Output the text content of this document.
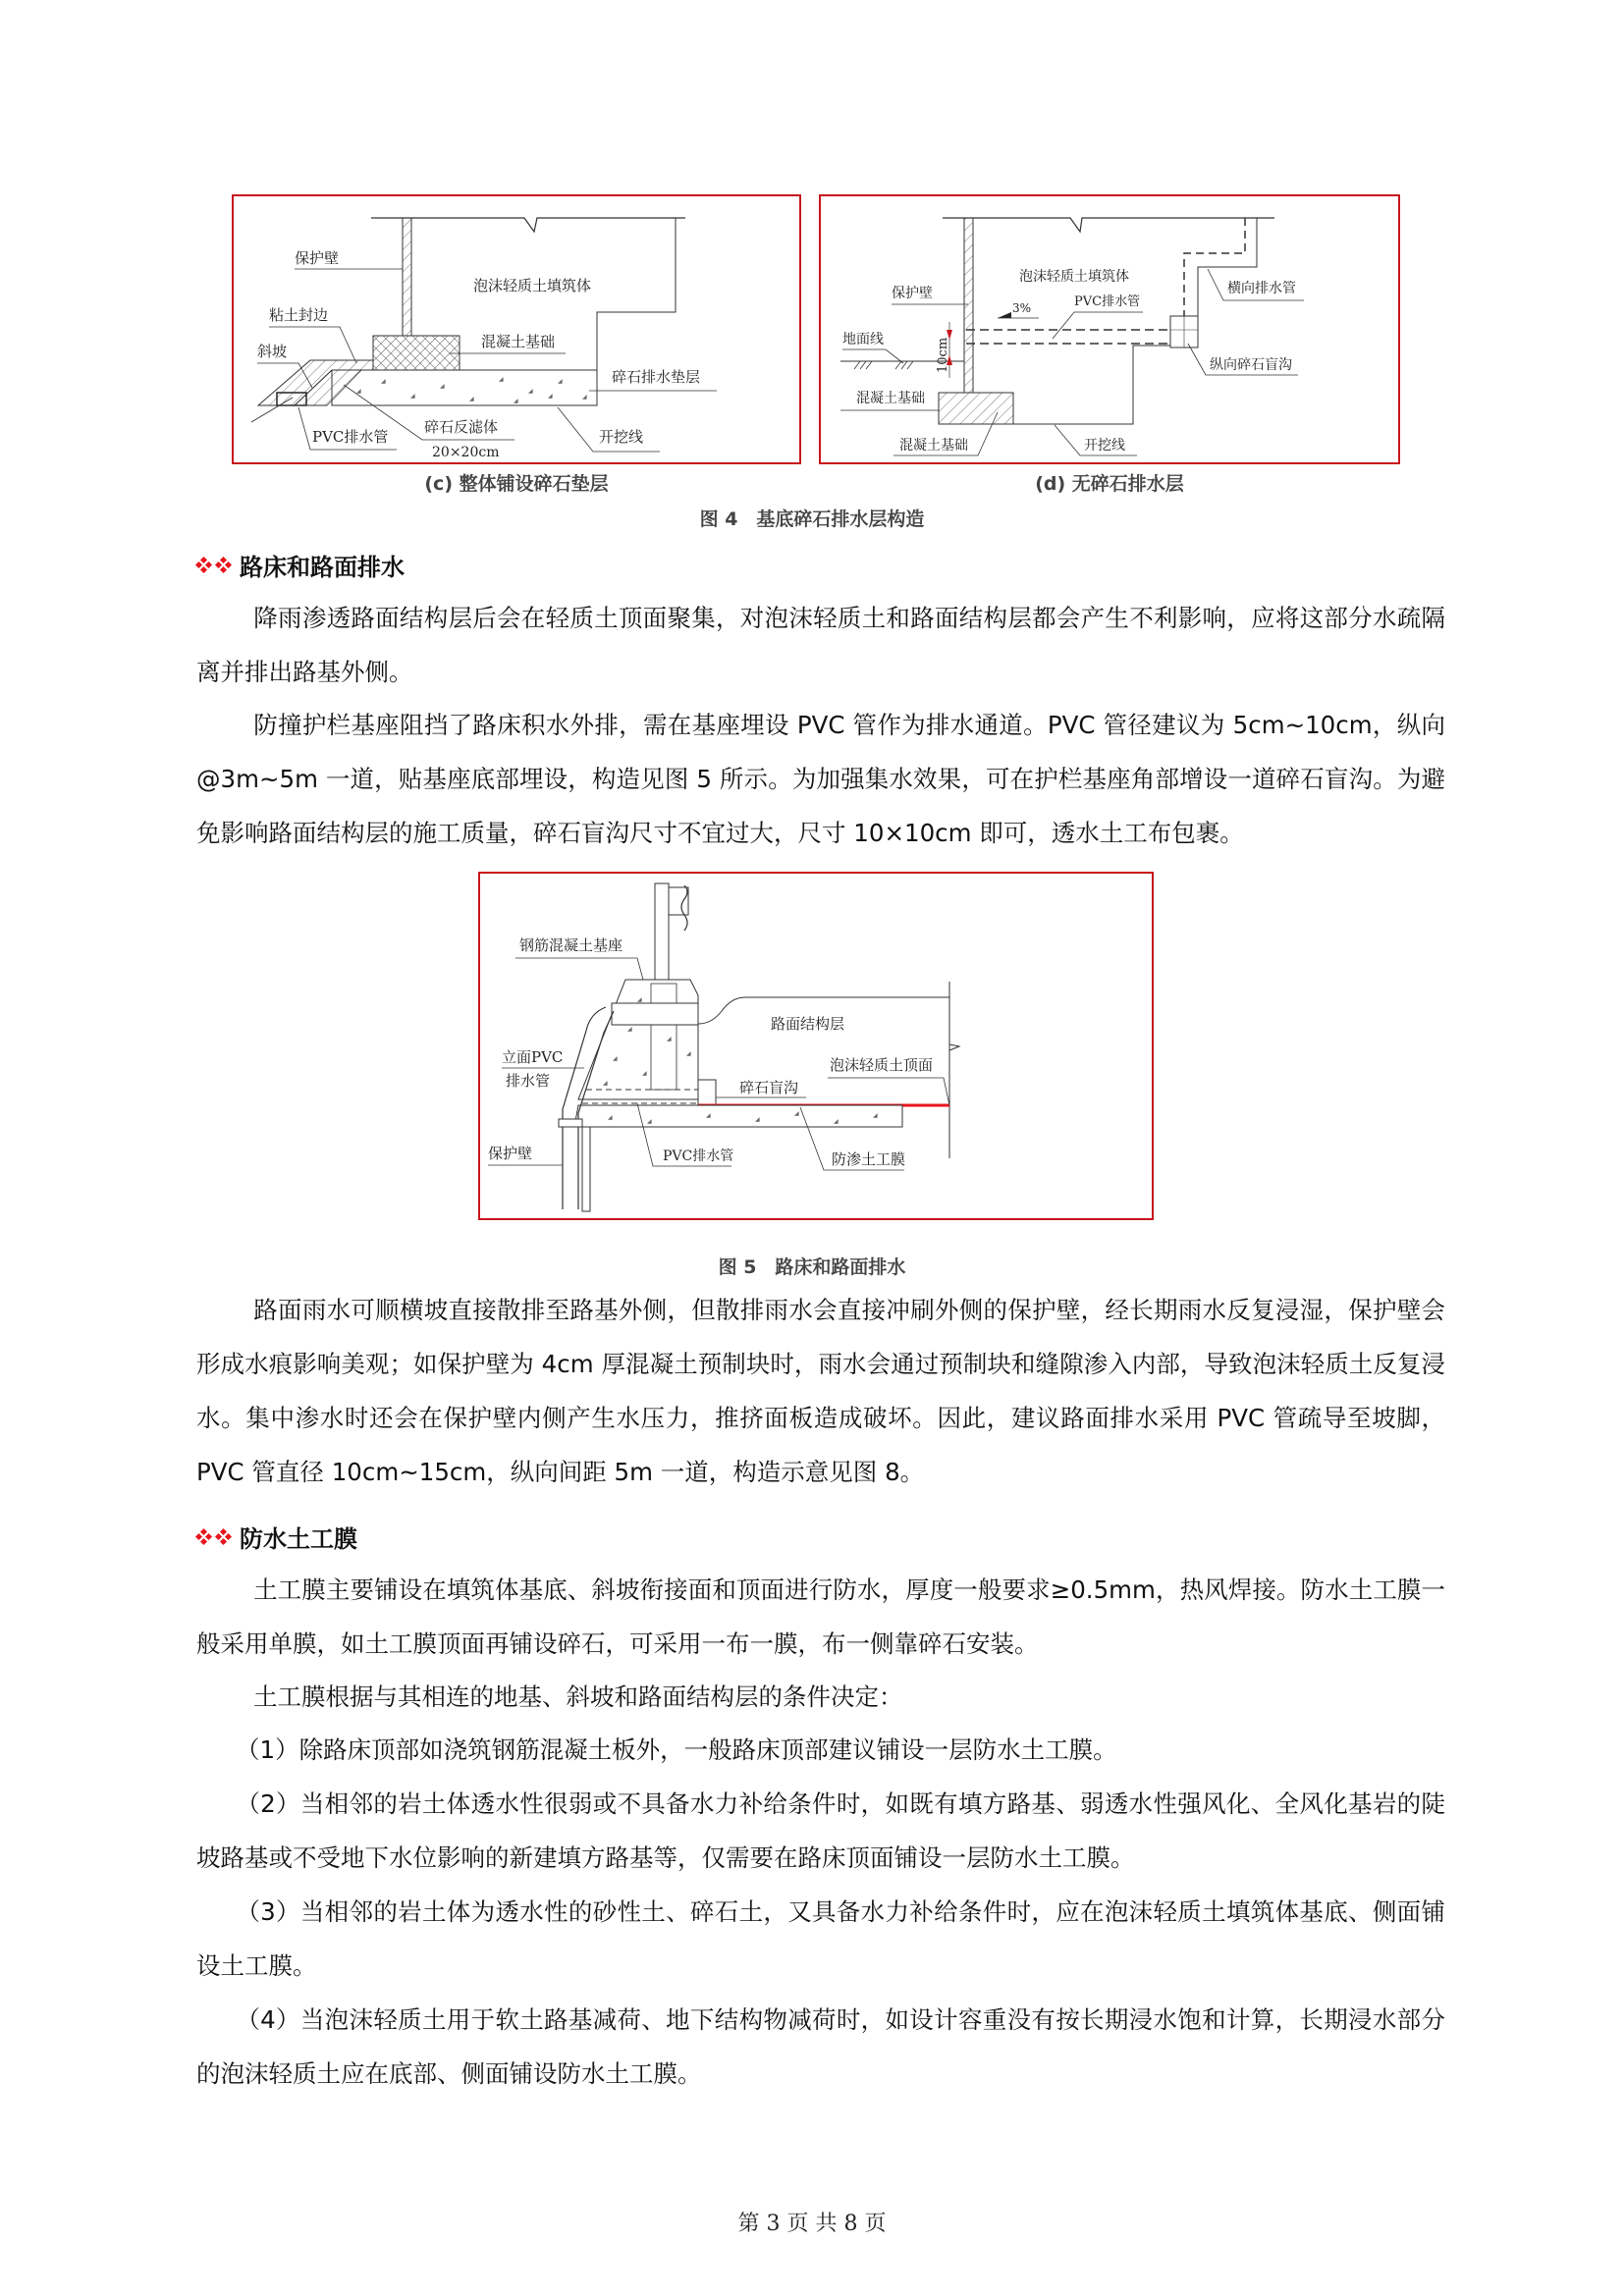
◢
◢
◢
◢
◢
◢
◢
◢
◢
◢
◢
保护壁
泡沫轻质土填筑体
粘土封边
斜坡
混凝土基础
碎石排水垫层
PVC排水管
碎石反滤体
20×20cm
开挖线
(c) 整体铺设碎石垫层
10cm
3%
泡沫轻质土填筑体
横向排水管
保护壁
PVC排水管
地面线
纵向碎石盲沟
混凝土基础
混凝土基础	开挖线
(d) 无碎石排水层
图 4　基底碎石排水层构造
路床和路面排水
降雨渗透路面结构层后会在轻质土顶面聚集，对泡沫轻质土和路面结构层都会产生不利影响，应将这部分水疏隔离并排出路基外侧。
防撞护栏基座阻挡了路床积水外排，需在基座埋设 PVC 管作为排水通道。PVC 管径建议为 5cm~10cm，纵向@3m~5m 一道，贴基座底部埋设，构造见图 5 所示。为加强集水效果，可在护栏基座角部增设一道碎石盲沟。为避免影响路面结构层的施工质量，碎石盲沟尺寸不宜过大，尺寸 10×10cm 即可，透水土工布包裹。
◢
◢
◢
◢
◢
◢
◢
◢
◢
◢
◢
◢
◢
◢
钢筋混凝土基座
路面结构层
立面PVC
排水管
泡沫轻质土顶面
碎石盲沟
保护壁	PVC排水管	防渗土工膜
图 5　路床和路面排水
路面雨水可顺横坡直接散排至路基外侧，但散排雨水会直接冲刷外侧的保护壁，经长期雨水反复浸湿，保护壁会形成水痕影响美观；如保护壁为 4cm 厚混凝土预制块时，雨水会通过预制块和缝隙渗入内部，导致泡沫轻质土反复浸水。集中渗水时还会在保护壁内侧产生水压力，推挤面板造成破坏。因此，建议路面排水采用 PVC 管疏导至坡脚，PVC 管直径 10cm~15cm，纵向间距 5m 一道，构造示意见图 8。
防水土工膜
土工膜主要铺设在填筑体基底、斜坡衔接面和顶面进行防水，厚度一般要求≥0.5mm，热风焊接。防水土工膜一般采用单膜，如土工膜顶面再铺设碎石，可采用一布一膜，布一侧靠碎石安装。
土工膜根据与其相连的地基、斜坡和路面结构层的条件决定：
（1）除路床顶部如浇筑钢筋混凝土板外，一般路床顶部建议铺设一层防水土工膜。
（2）当相邻的岩土体透水性很弱或不具备水力补给条件时，如既有填方路基、弱透水性强风化、全风化基岩的陡坡路基或不受地下水位影响的新建填方路基等，仅需要在路床顶面铺设一层防水土工膜。
（3）当相邻的岩土体为透水性的砂性土、碎石土，又具备水力补给条件时，应在泡沫轻质土填筑体基底、侧面铺设土工膜。
（4）当泡沫轻质土用于软土路基减荷、地下结构物减荷时，如设计容重没有按长期浸水饱和计算，长期浸水部分的泡沫轻质土应在底部、侧面铺设防水土工膜。
第 3 页 共 8 页
